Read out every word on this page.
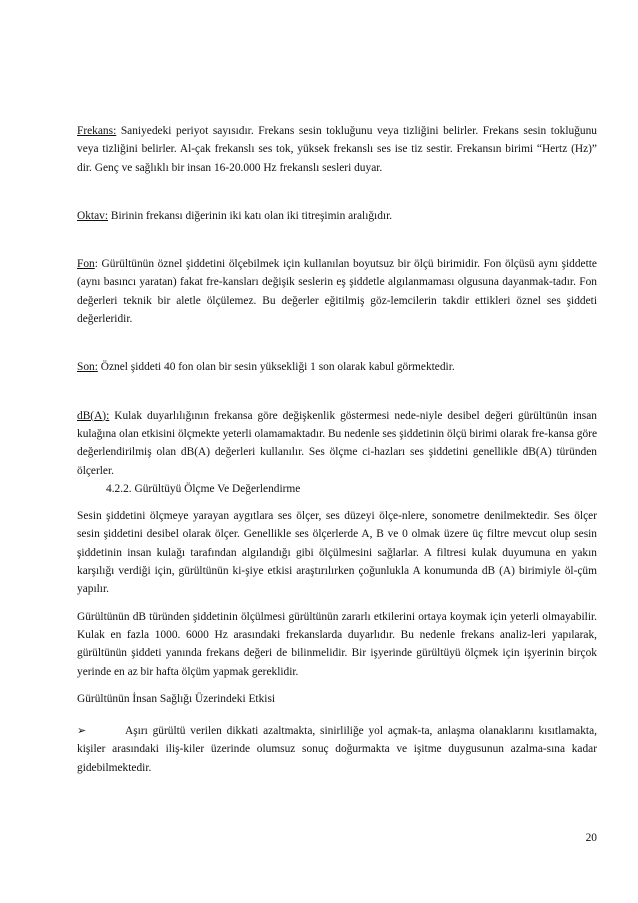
Frekans: Saniyedeki periyot sayısıdır. Frekans sesin tokluğunu veya tizliğini belirler. Frekans sesin tokluğunu veya tizliğini belirler. Al-çak frekanslı ses tok, yüksek frekanslı ses ise tiz sestir. Frekansın birimi “Hertz (Hz)” dir. Genç ve sağlıklı bir insan 16-20.000 Hz frekanslı sesleri duyar.

Oktav: Birinin frekansı diğerinin iki katı olan iki titreşimin aralığıdır.

Fon: Gürültünün öznel şiddetini ölçebilmek için kullanılan boyutsuz bir ölçü birimidir. Fon ölçüsü aynı şiddette (aynı basıncı yaratan) fakat fre-kansları değişik seslerin eş şiddetle algılanmaması olgusuna dayanmak-tadır. Fon değerleri teknik bir aletle ölçülemez. Bu değerler eğitilmiş göz-lemcilerin takdir ettikleri öznel ses şiddeti değerleridir.

Son: Öznel şiddeti 40 fon olan bir sesin yüksekliği 1 son olarak kabul görmektedir.

dB(A): Kulak duyarlılığının frekansa göre değişkenlik göstermesi nede-niyle desibel değeri gürültünün insan kulağına olan etkisini ölçmekte yeterli olamamaktadır. Bu nedenle ses şiddetinin ölçü birimi olarak fre-kansa göre değerlendirilmiş olan dB(A) değerleri kullanılır. Ses ölçme ci-hazları ses şiddetini genellikle dB(A) türünden ölçerler.

4.2.2. Gürültüyü Ölçme Ve Değerlendirme

Sesin şiddetini ölçmeye yarayan aygıtlara ses ölçer, ses düzeyi ölçe-nlere, sonometre denilmektedir. Ses ölçer sesin şiddetini desibel olarak ölçer. Genellikle ses ölçerlerde A, B ve 0 olmak üzere üç filtre mevcut olup sesin şiddetinin insan kulağı tarafından algılandığı gibi ölçülmesini sağlarlar. A filtresi kulak duyumuna en yakın karşılığı verdiği için, gürültünün ki-şiye etkisi araştırılırken çoğunlukla A konumunda dB (A) birimiyle öl-çüm yapılır.

Gürültünün dB türünden şiddetinin ölçülmesi gürültünün zararlı etkilerini ortaya koymak için yeterli olmayabilir. Kulak en fazla 1000. 6000 Hz arasındaki frekanslarda duyarlıdır. Bu nedenle frekans analiz-leri yapılarak, gürültünün şiddeti yanında frekans değeri de bilinmelidir. Bir işyerinde gürültüyü ölçmek için işyerinin birçok yerinde en az bir hafta ölçüm yapmak gereklidir.

Gürültünün İnsan Sağlığı Üzerindeki Etkisi

➢	Aşırı gürültü verilen dikkati azaltmakta, sinirliliğe yol açmak-ta, anlaşma olanaklarını kısıtlamakta, kişiler arasındaki iliş-kiler üzerinde olumsuz sonuç doğurmakta ve işitme duygusunun azalma-sına kadar gidebilmektedir.

20
